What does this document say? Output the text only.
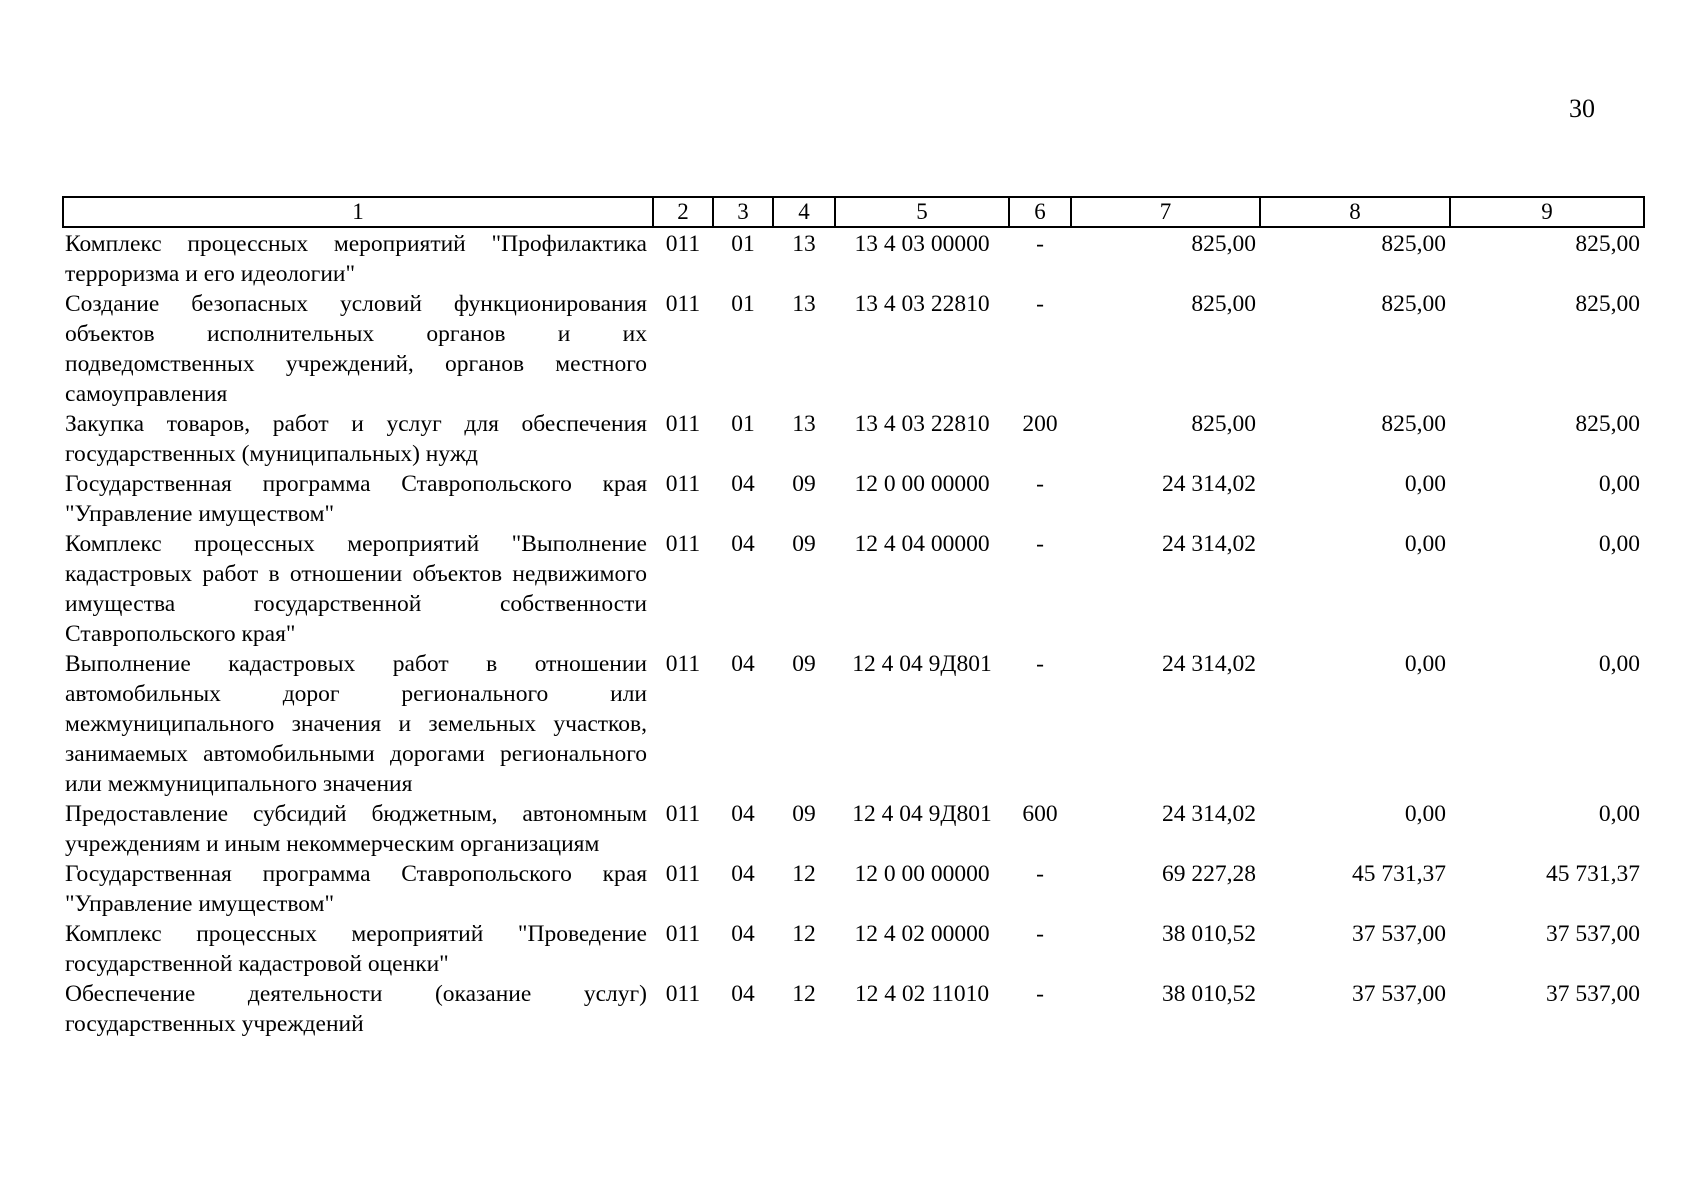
30
1	2	3	4	5	6	7	8	9
Комплекс процессных мероприятий "Профилактика терроризма и его идеологии"	011	01	13	13 4 03 00000	-	825,00	825,00	825,00
Создание безопасных условий функционирования объектов исполнительных органов и их подведомственных учреждений, органов местного самоуправления	011	01	13	13 4 03 22810	-	825,00	825,00	825,00
Закупка товаров, работ и услуг для обеспечения государственных (муниципальных) нужд	011	01	13	13 4 03 22810	200	825,00	825,00	825,00
Государственная программа Ставропольского края "Управление имуществом"	011	04	09	12 0 00 00000	-	24 314,02	0,00	0,00
Комплекс процессных мероприятий "Выполнение кадастровых работ в отношении объектов недвижимого имущества государственной собственности Ставропольского края"	011	04	09	12 4 04 00000	-	24 314,02	0,00	0,00
Выполнение кадастровых работ в отношении автомобильных дорог регионального или межмуниципального значения и земельных участков, занимаемых автомобильными дорогами регионального или межмуниципального значения	011	04	09	12 4 04 9Д801	-	24 314,02	0,00	0,00
Предоставление субсидий бюджетным, автономным учреждениям и иным некоммерческим организациям	011	04	09	12 4 04 9Д801	600	24 314,02	0,00	0,00
Государственная программа Ставропольского края "Управление имуществом"	011	04	12	12 0 00 00000	-	69 227,28	45 731,37	45 731,37
Комплекс процессных мероприятий "Проведение государственной кадастровой оценки"	011	04	12	12 4 02 00000	-	38 010,52	37 537,00	37 537,00
Обеспечение деятельности (оказание услуг) государственных учреждений	011	04	12	12 4 02 11010	-	38 010,52	37 537,00	37 537,00
